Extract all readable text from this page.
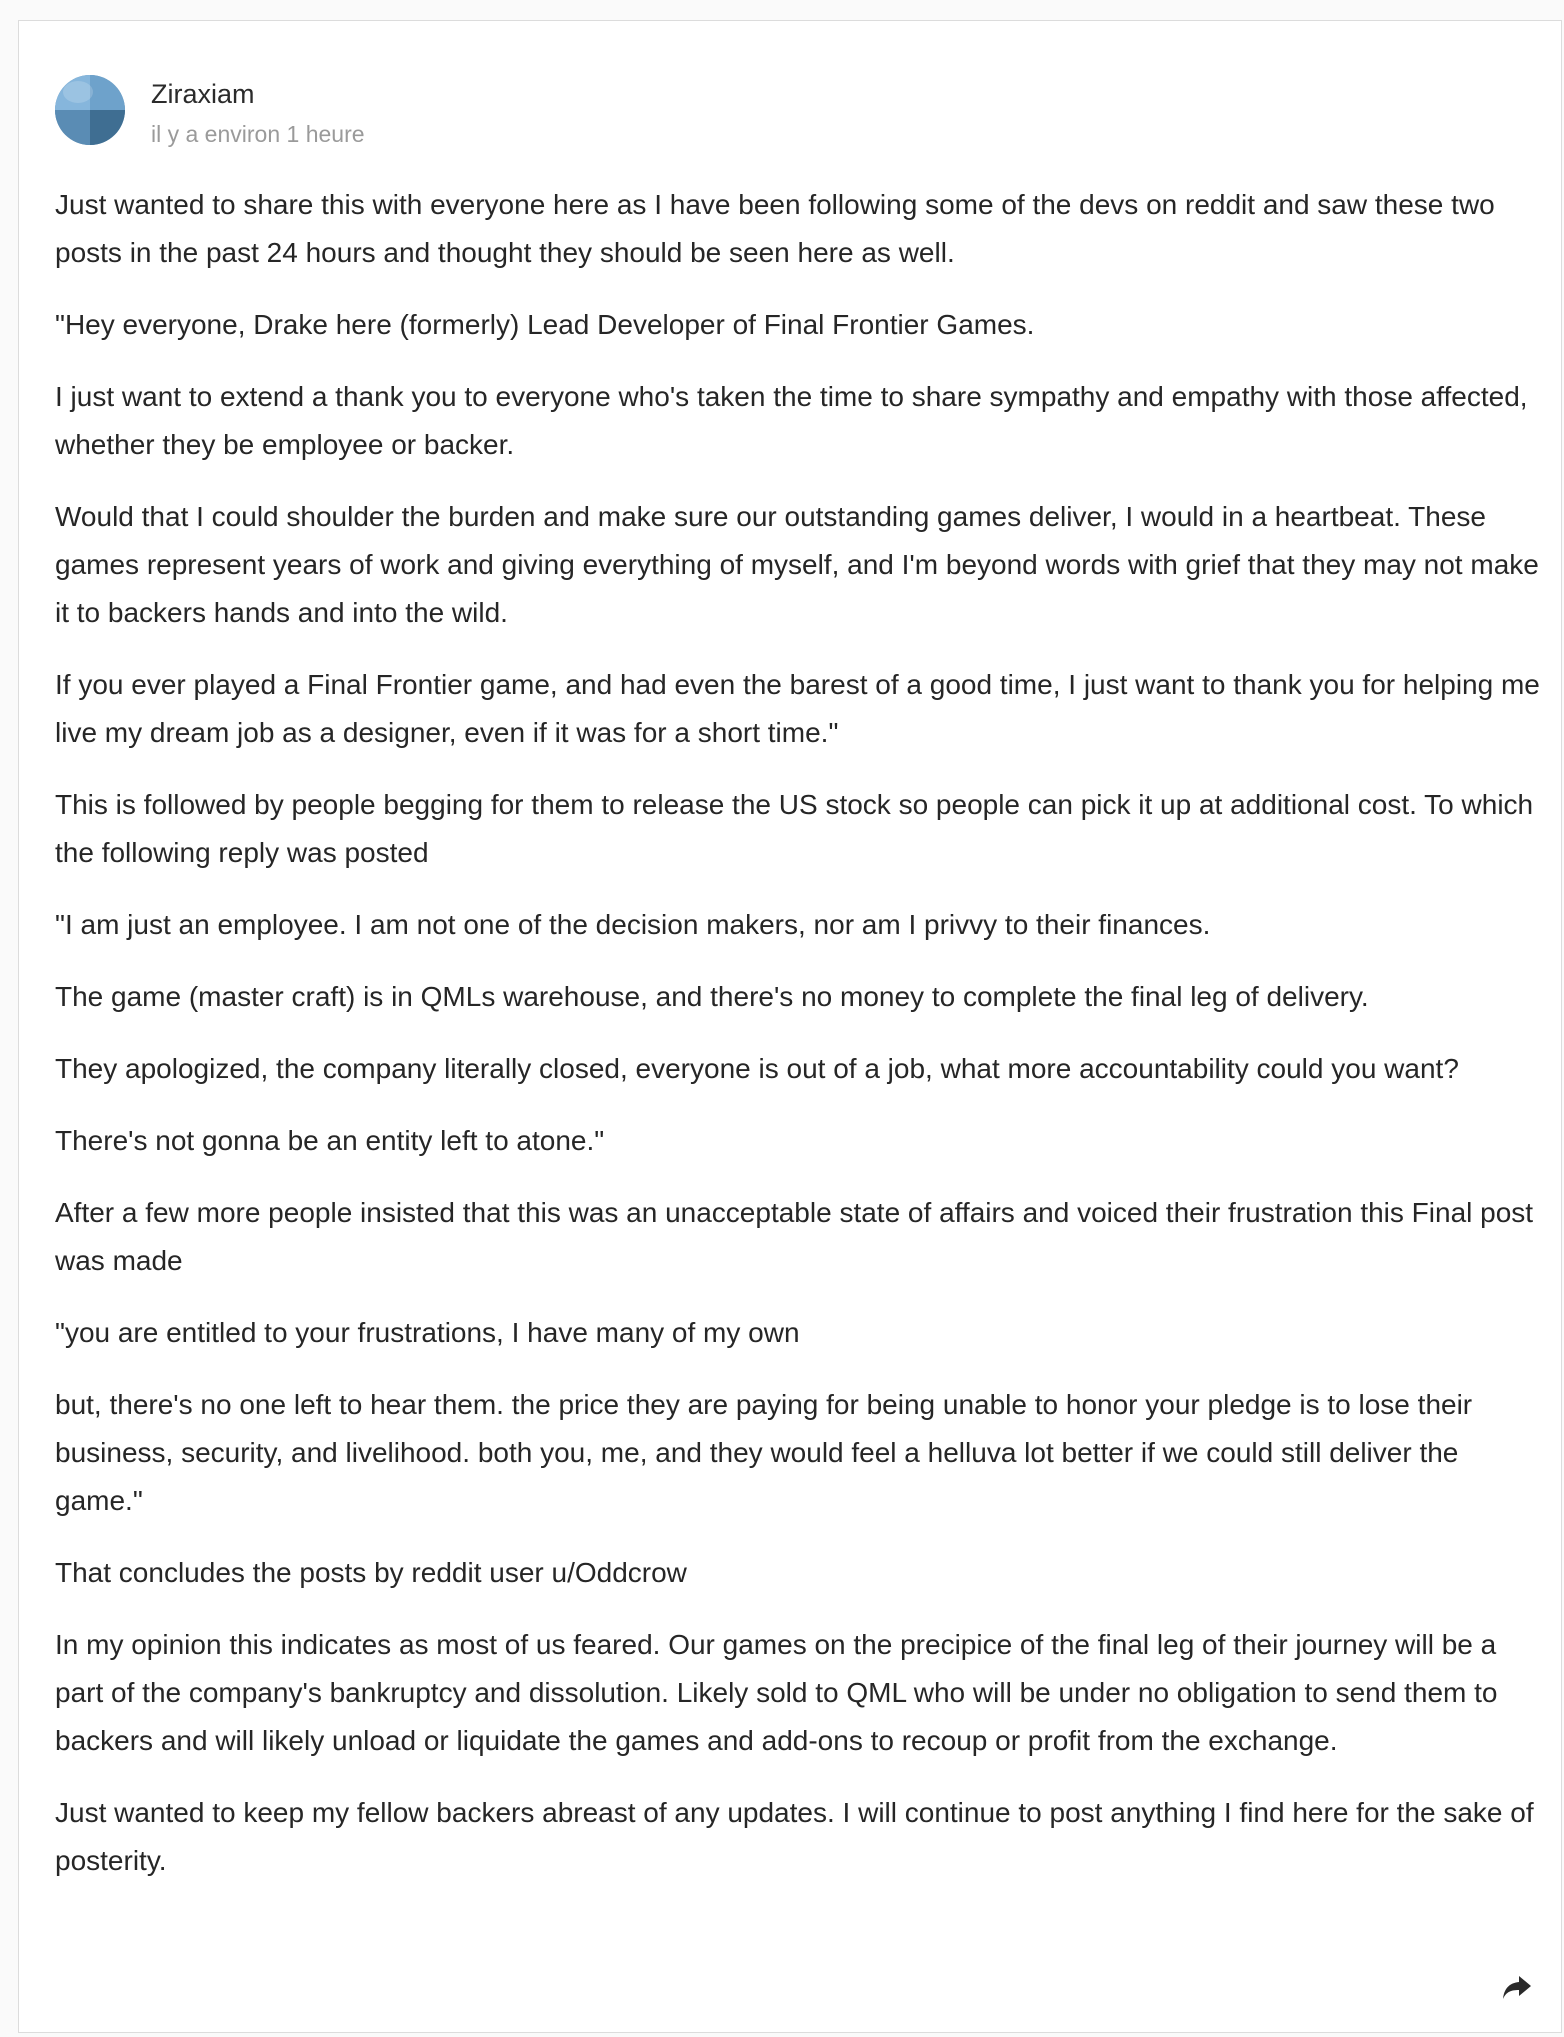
Ziraxiam
il y a environ 1 heure

Just wanted to share this with everyone here as I have been following some of the devs on reddit and saw these two posts in the past 24 hours and thought they should be seen here as well.

"Hey everyone, Drake here (formerly) Lead Developer of Final Frontier Games.

I just want to extend a thank you to everyone who's taken the time to share sympathy and empathy with those affected, whether they be employee or backer.

Would that I could shoulder the burden and make sure our outstanding games deliver, I would in a heartbeat. These games represent years of work and giving everything of myself, and I'm beyond words with grief that they may not make it to backers hands and into the wild.

If you ever played a Final Frontier game, and had even the barest of a good time, I just want to thank you for helping me live my dream job as a designer, even if it was for a short time."

This is followed by people begging for them to release the US stock so people can pick it up at additional cost. To which the following reply was posted

"I am just an employee. I am not one of the decision makers, nor am I privvy to their finances.

The game (master craft) is in QMLs warehouse, and there's no money to complete the final leg of delivery.

They apologized, the company literally closed, everyone is out of a job, what more accountability could you want?

There's not gonna be an entity left to atone."

After a few more people insisted that this was an unacceptable state of affairs and voiced their frustration this Final post was made

"you are entitled to your frustrations, I have many of my own

but, there's no one left to hear them. the price they are paying for being unable to honor your pledge is to lose their business, security, and livelihood. both you, me, and they would feel a helluva lot better if we could still deliver the game."

That concludes the posts by reddit user u/Oddcrow

In my opinion this indicates as most of us feared. Our games on the precipice of the final leg of their journey will be a part of the company's bankruptcy and dissolution. Likely sold to QML who will be under no obligation to send them to backers and will likely unload or liquidate the games and add-ons to recoup or profit from the exchange.

Just wanted to keep my fellow backers abreast of any updates. I will continue to post anything I find here for the sake of posterity.
